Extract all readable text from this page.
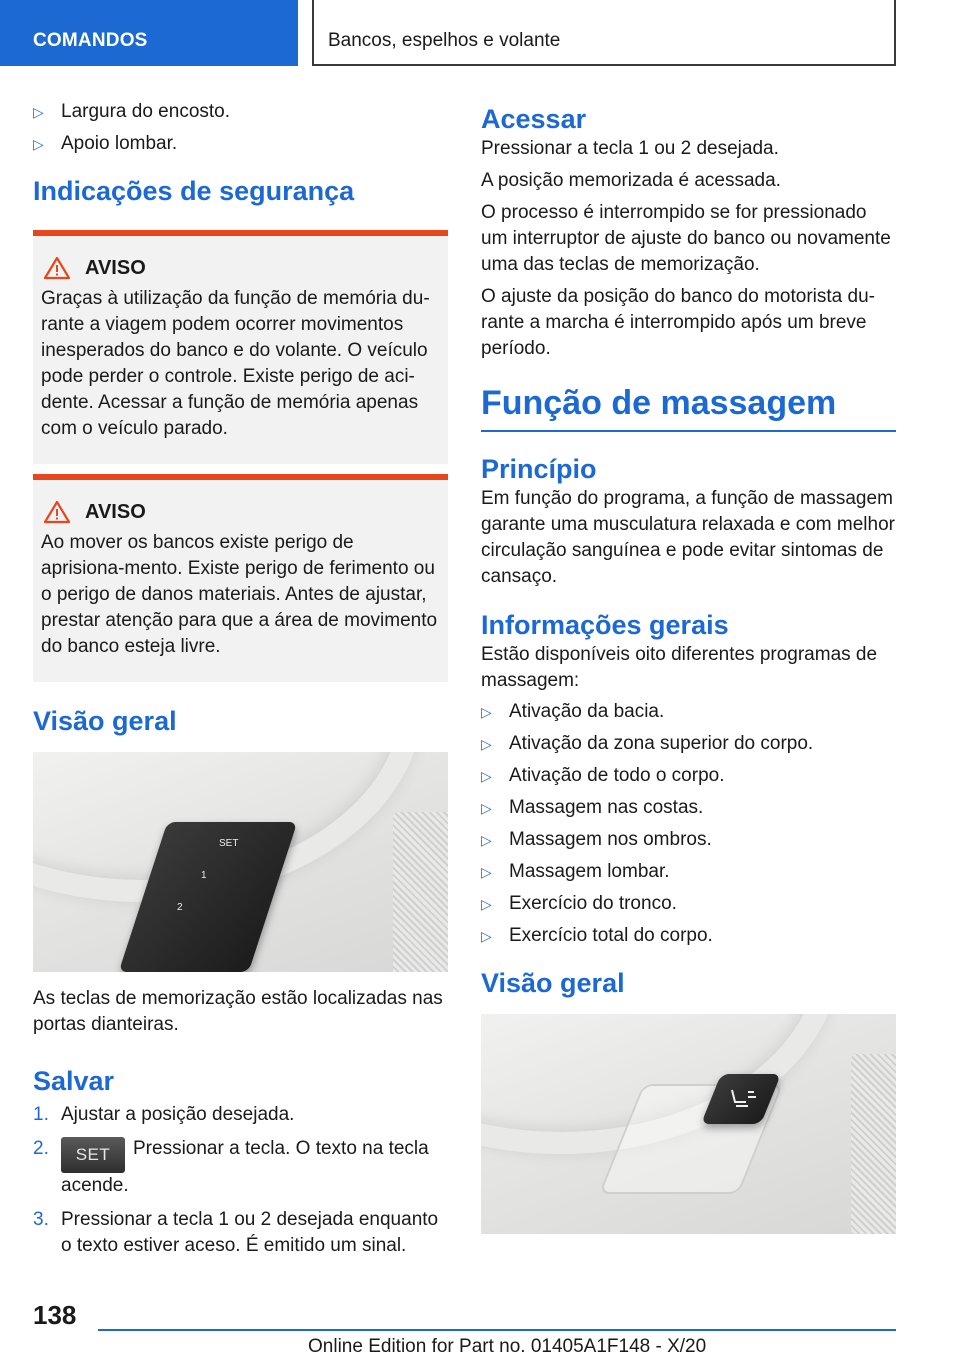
COMANDOS	Bancos, espelhos e volante
▷ Largura do encosto.
▷ Apoio lombar.
Indicações de segurança
AVISO

Graças à utilização da função de memória du-rante a viagem podem ocorrer movimentos inesperados do banco e do volante. O veículo pode perder o controle. Existe perigo de aci-dente. Acessar a função de memória apenas com o veículo parado.

AVISO

Ao mover os bancos existe perigo de aprisiona-mento. Existe perigo de ferimento ou o perigo de danos materiais. Antes de ajustar, prestar atenção para que a área de movimento do banco esteja livre.

Visão geral
SET
1
2

As teclas de memorização estão localizadas nas portas dianteiras.

Salvar
1. Ajustar a posição desejada.
2. SET Pressionar a tecla. O texto na tecla acende.
3. Pressionar a tecla 1 ou 2 desejada enquanto o texto estiver aceso. É emitido um sinal.
Acessar

Pressionar a tecla 1 ou 2 desejada.

A posição memorizada é acessada.

O processo é interrompido se for pressionado um interruptor de ajuste do banco ou novamente uma das teclas de memorização.

O ajuste da posição do banco do motorista du-rante a marcha é interrompido após um breve período.

Função de massagem
Princípio

Em função do programa, a função de massagem garante uma musculatura relaxada e com melhor circulação sanguínea e pode evitar sintomas de cansaço.

Informações gerais

Estão disponíveis oito diferentes programas de massagem:

▷ Ativação da bacia.
▷ Ativação da zona superior do corpo.
▷ Ativação de todo o corpo.
▷ Massagem nas costas.
▷ Massagem nos ombros.
▷ Massagem lombar.
▷ Exercício do tronco.
▷ Exercício total do corpo.
Visão geral
138
Online Edition for Part no. 01405A1F148 - X/20
